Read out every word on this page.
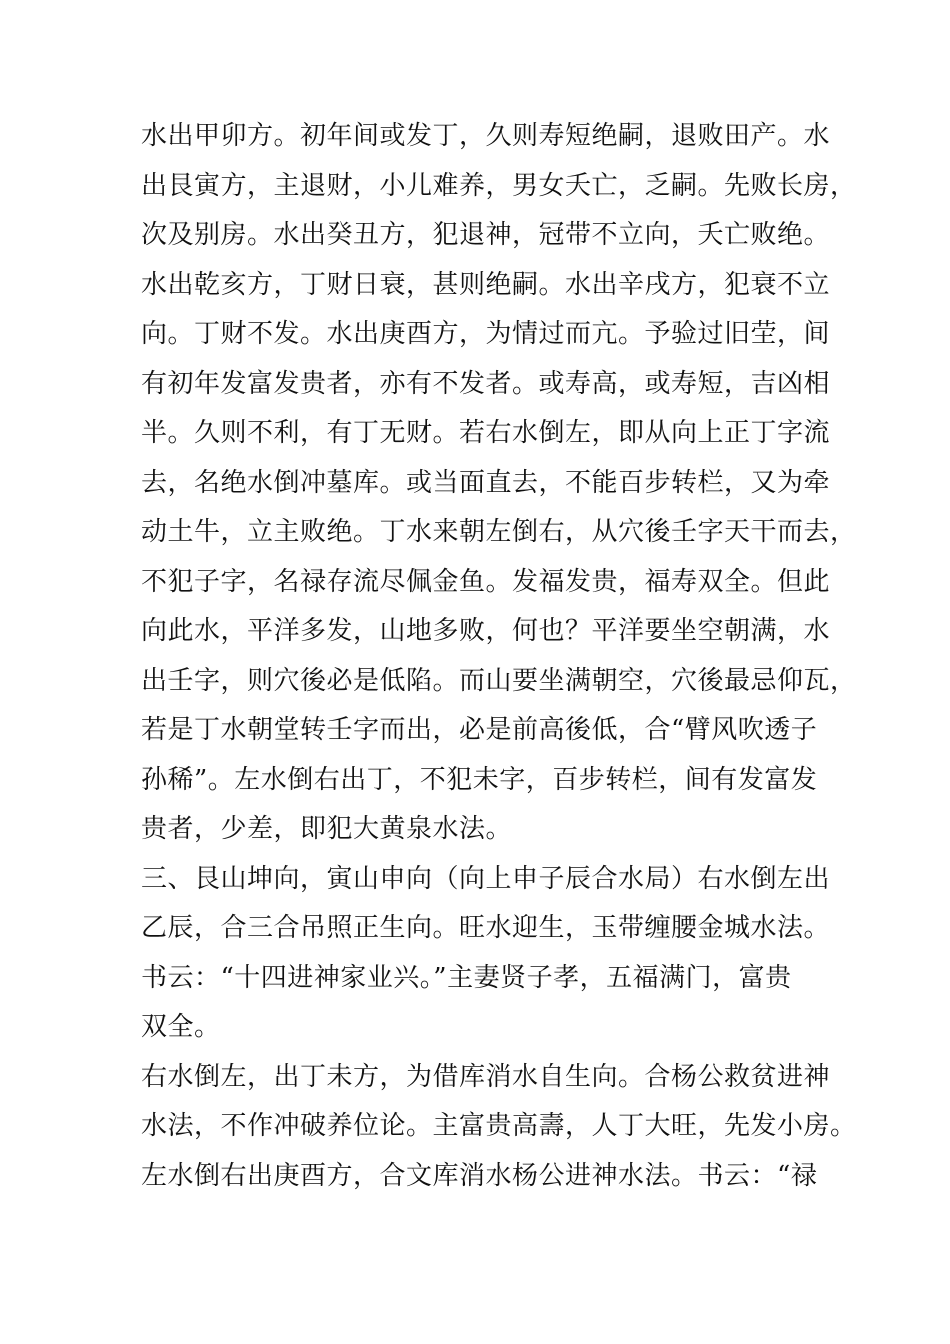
水出甲卯方。初年间或发丁，久则寿短绝嗣，退败田产。水
出艮寅方，主退财，小儿难养，男女夭亡，乏嗣。先败长房，
次及别房。水出癸丑方，犯退神，冠带不立向，夭亡败绝。
水出乾亥方，丁财日衰，甚则绝嗣。水出辛戌方，犯衰不立
向。丁财不发。水出庚酉方，为情过而亢。予验过旧茔，间
有初年发富发贵者，亦有不发者。或寿高，或寿短，吉凶相
半。久则不利，有丁无财。若右水倒左，即从向上正丁字流
去，名绝水倒冲墓库。或当面直去，不能百步转栏，又为牵
动土牛，立主败绝。丁水来朝左倒右，从穴後壬字天干而去，
不犯子字，名禄存流尽佩金鱼。发福发贵，福寿双全。但此
向此水，平洋多发，山地多败，何也？平洋要坐空朝满，水
出壬字，则穴後必是低陷。而山要坐满朝空，穴後最忌仰瓦，
若是丁水朝堂转壬字而出，必是前高後低，合“臂风吹透子
孙稀”。左水倒右出丁，不犯未字，百步转栏，间有发富发
贵者，少差，即犯大黄泉水法。
三、艮山坤向，寅山申向（向上申子辰合水局）右水倒左出
乙辰，合三合吊照正生向。旺水迎生，玉带缠腰金城水法。
书云：“十四进神家业兴。”主妻贤子孝，五福满门，富贵
双全。
右水倒左，出丁未方，为借库消水自生向。合杨公救贫进神
水法，不作冲破养位论。主富贵高壽，人丁大旺，先发小房。
左水倒右出庚酉方，合文库消水杨公进神水法。书云：“禄
